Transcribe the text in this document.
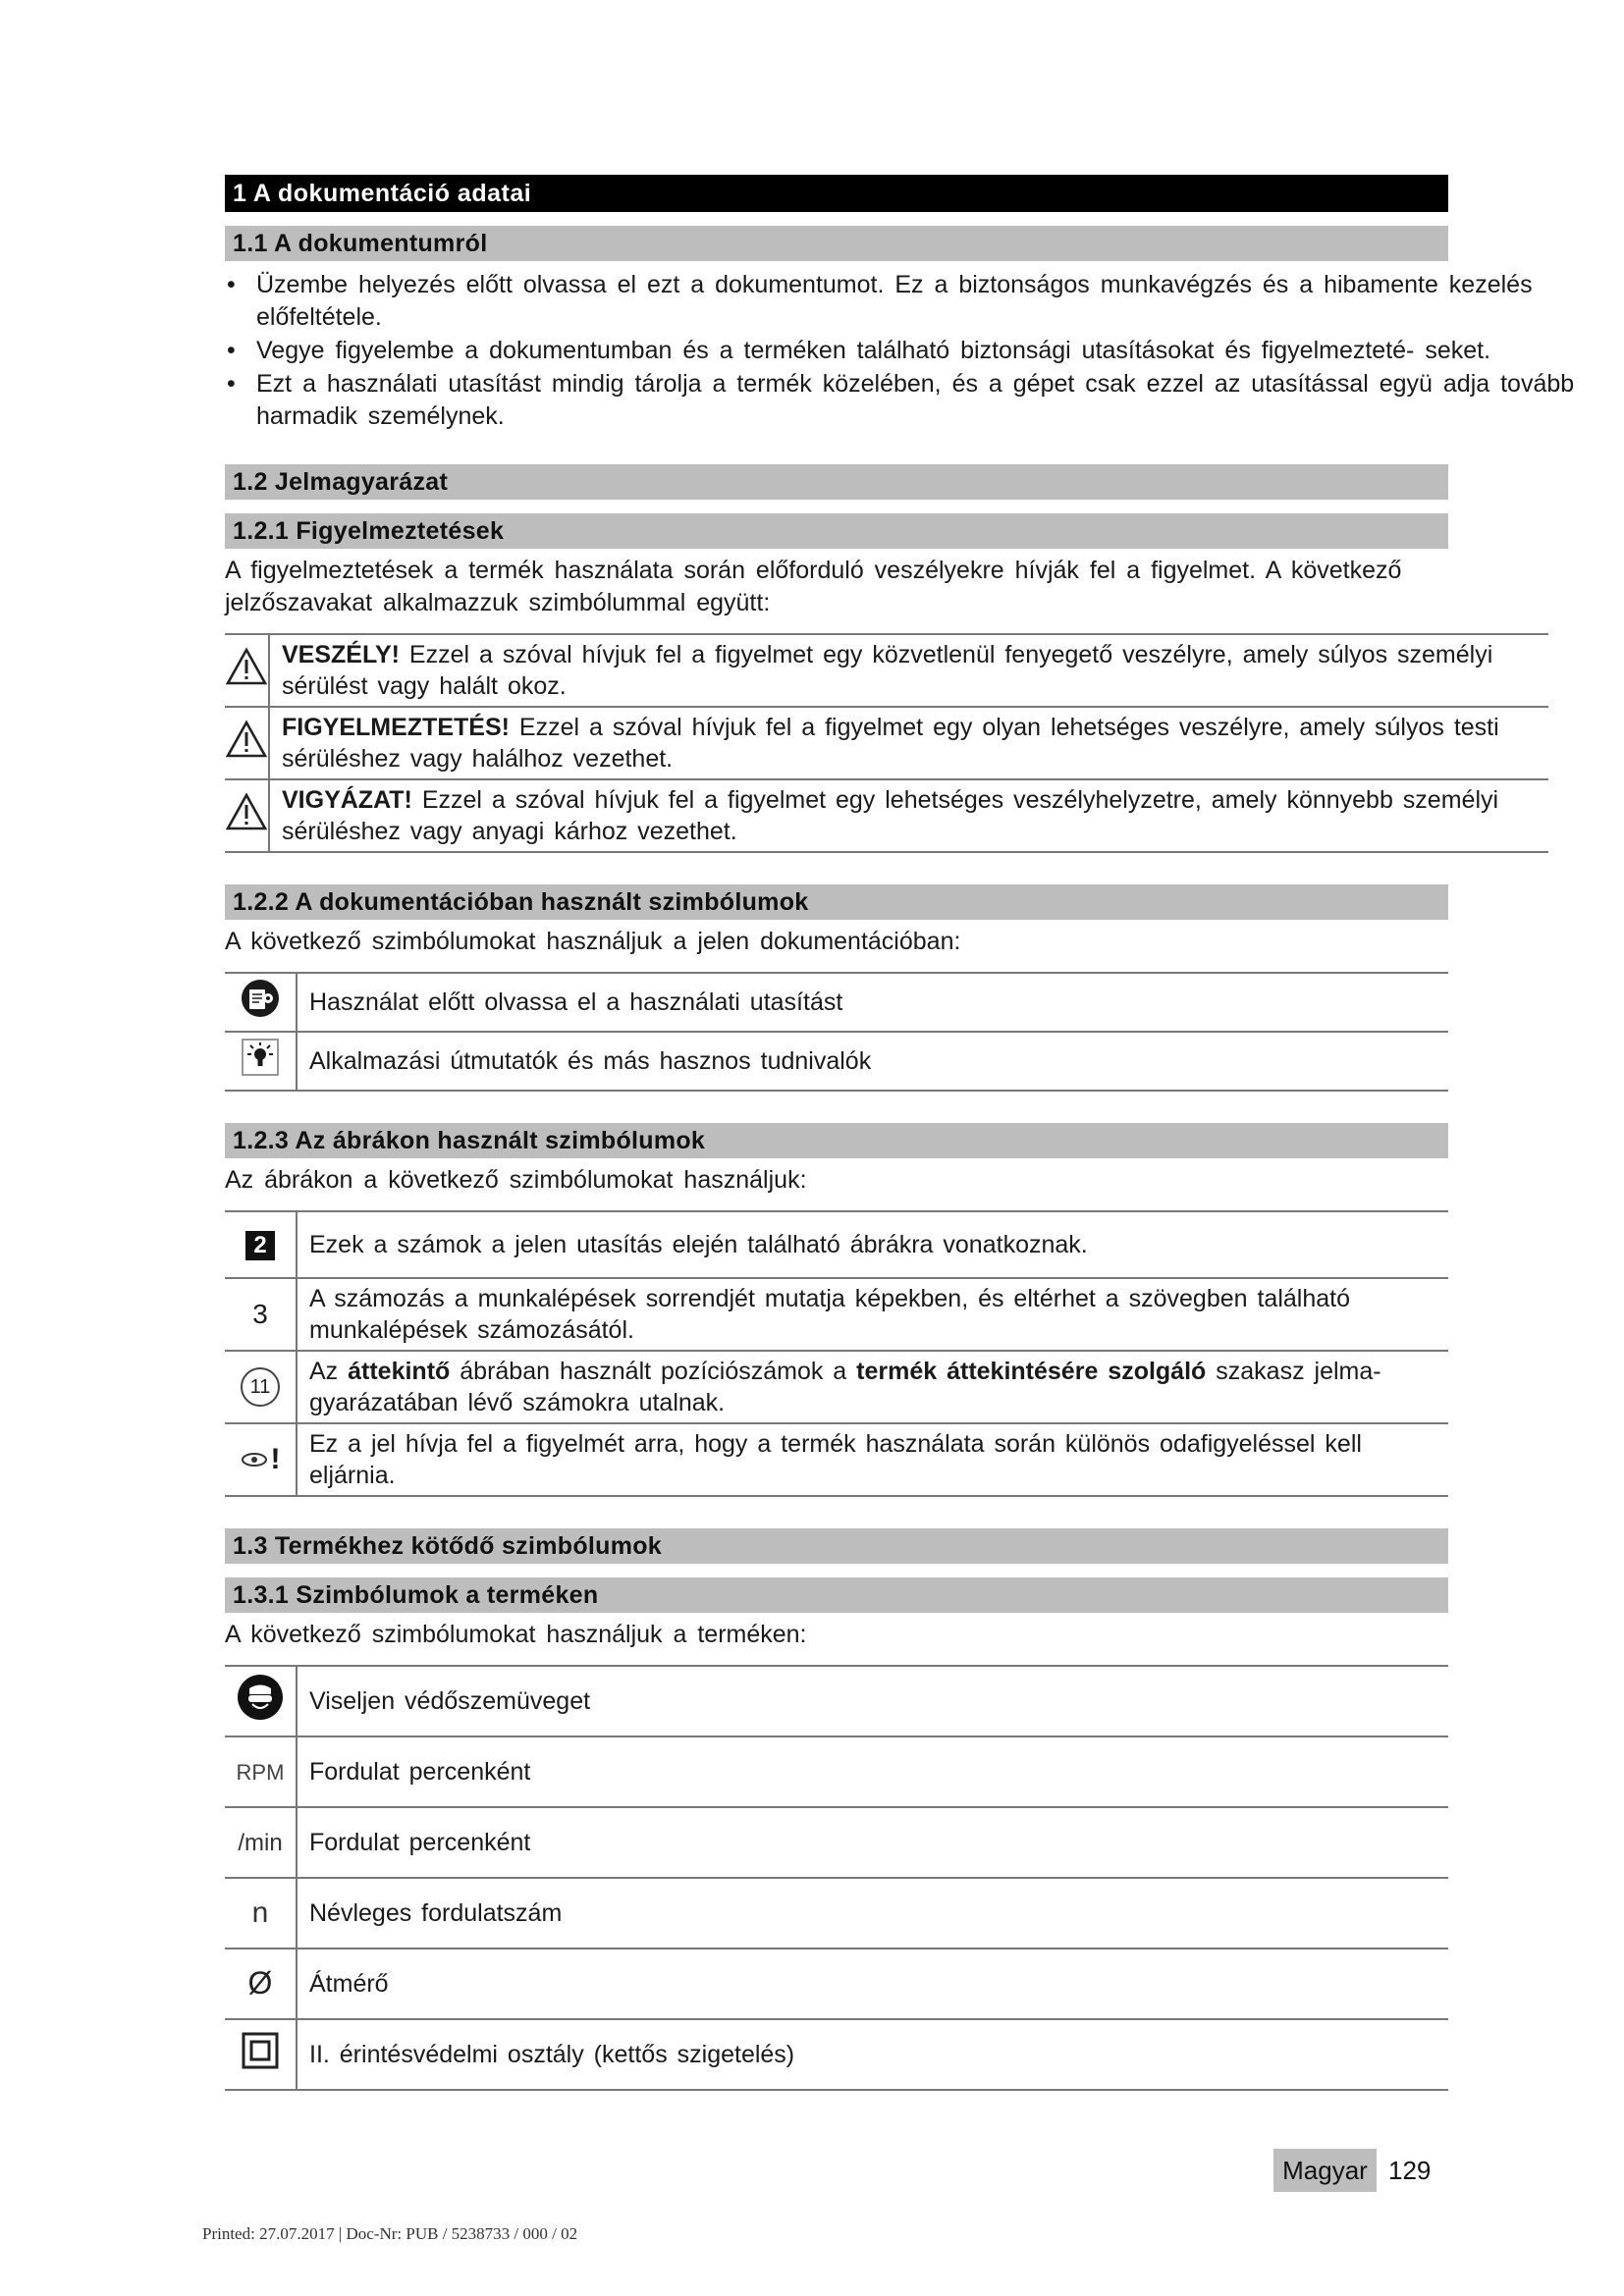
1 A dokumentáció adatai
1.1 A dokumentumról
• Üzembe helyezés előtt olvassa el ezt a dokumentumot. Ez a biztonságos munkavégzés és a hibamente kezelés előfeltétele.
• Vegye figyelembe a dokumentumban és a terméken található biztonsági utasításokat és figyelmezteté- seket.
• Ezt a használati utasítást mindig tárolja a termék közelében, és a gépet csak ezzel az utasítással együ adja tovább harmadik személynek.
1.2 Jelmagyarázat
1.2.1 Figyelmeztetések

A figyelmeztetések a termék használata során előforduló veszélyekre hívják fel a figyelmet. A következő jelzőszavakat alkalmazzuk szimbólummal együtt:

VESZÉLY! Ezzel a szóval hívjuk fel a figyelmet egy közvetlenül fenyegető veszélyre, amely súlyos személyi sérülést vagy halált okoz.

FIGYELMEZTETÉS! Ezzel a szóval hívjuk fel a figyelmet egy olyan lehetséges veszélyre, amely súlyos testi sérüléshez vagy halálhoz vezethet.

VIGYÁZAT! Ezzel a szóval hívjuk fel a figyelmet egy lehetséges veszélyhelyzetre, amely könnyebb személyi sérüléshez vagy anyagi kárhoz vezethet.
1.2.2 A dokumentációban használt szimbólumok

A következő szimbólumokat használjuk a jelen dokumentációban:

	Használat előtt olvassa el a használati utasítást
	Alkalmazási útmutatók és más hasznos tudnivalók
1.2.3 Az ábrákon használt szimbólumok

Az ábrákon a következő szimbólumokat használjuk:

2	Ezek a számok a jelen utasítás elején található ábrákra vonatkoznak.
3	A számozás a munkalépések sorrendjét mutatja képekben, és eltérhet a szövegben található munkalépések számozásától.
11	Az áttekintő ábrában használt pozíciószámok a termék áttekintésére szolgáló szakasz jelma- gyarázatában lévő számokra utalnak.

!	Ez a jel hívja fel a figyelmét arra, hogy a termék használata során különös odafigyeléssel kell eljárnia.
1.3 Termékhez kötődő szimbólumok
1.3.1 Szimbólumok a terméken

A következő szimbólumokat használjuk a terméken:

	Viseljen védőszemüveget
RPM	Fordulat percenként
/min	Fordulat percenként
n	Névleges fordulatszám
Ø	Átmérő
	II. érintésvédelmi osztály (kettős szigetelés)
Magyar 129
Printed: 27.07.2017 | Doc-Nr: PUB / 5238733 / 000 / 02
